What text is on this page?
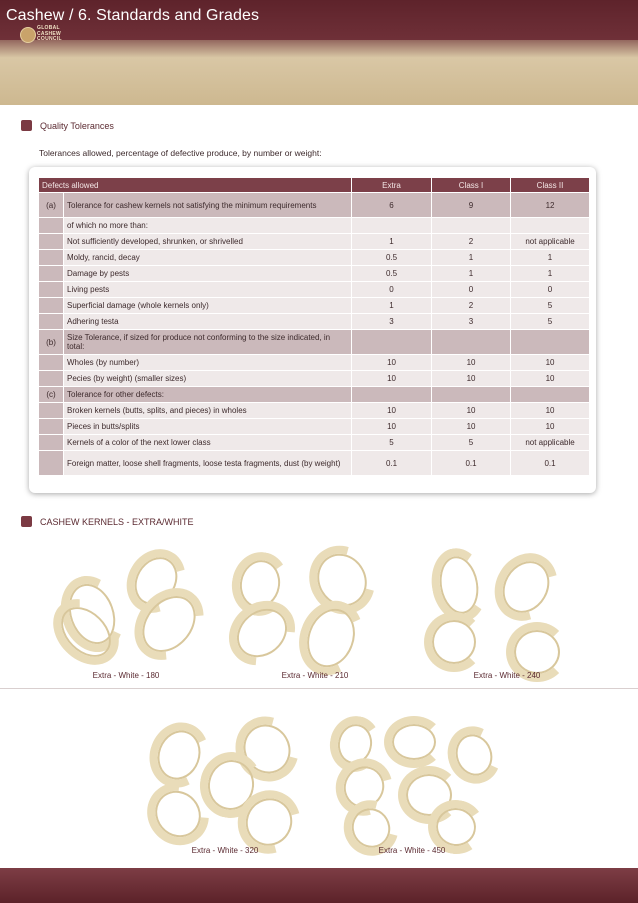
Cashew / 6. Standards and Grades
GLOBAL
CASHEW
COUNCIL
Quality Tolerances
Tolerances allowed, percentage of defective produce, by number or weight:
Defects allowed		Extra	Class I	Class II
(a)	Tolerance for cashew kernels not satisfying the minimum requirements	6	9	12
	of which no more than:			
	Not sufficiently developed, shrunken, or shrivelled	1	2	not applicable
	Moldy, rancid, decay	0.5	1	1
	Damage by pests	0.5	1	1
	Living pests	0	0	0
	Superficial damage (whole kernels only)	1	2	5
	Adhering testa	3	3	5
(b)	Size Tolerance, if sized for produce not conforming to the size indicated, in total:			
	Wholes (by number)	10	10	10
	Pecies (by weight) (smaller sizes)	10	10	10
(c)	Tolerance for other defects:			
	Broken kernels (butts, splits, and pieces) in wholes	10	10	10
	Pieces in butts/splits	10	10	10
	Kernels of a color of the next lower class	5	5	not applicable
	Foreign matter, loose shell fragments, loose testa fragments, dust (by weight)	0.1	0.1	0.1
CASHEW KERNELS - EXTRA/WHITE
Extra - White - 180	Extra - White - 210	Extra - White - 240
Extra - White - 320	Extra - White - 450
